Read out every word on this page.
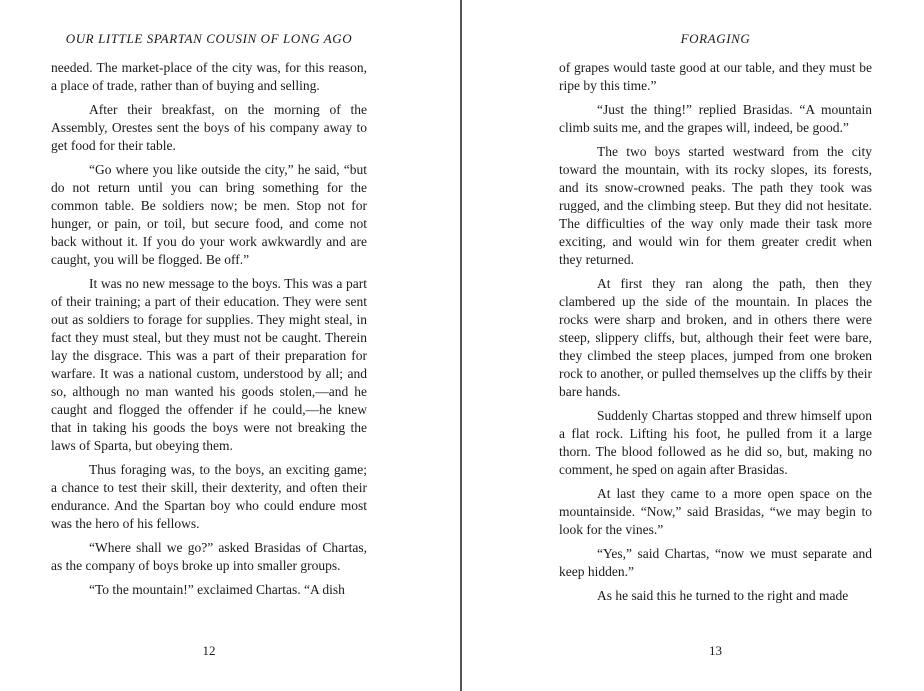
OUR LITTLE SPARTAN COUSIN OF LONG AGO

needed. The market-place of the city was, for this reason, a place of trade, rather than of buying and selling.

After their breakfast, on the morning of the Assembly, Orestes sent the boys of his company away to get food for their table.

“Go where you like outside the city,” he said, “but do not return until you can bring something for the common table. Be soldiers now; be men. Stop not for hunger, or pain, or toil, but secure food, and come not back without it. If you do your work awkwardly and are caught, you will be flogged. Be off.”

It was no new message to the boys. This was a part of their training; a part of their education. They were sent out as soldiers to forage for supplies. They might steal, in fact they must steal, but they must not be caught. Therein lay the disgrace. This was a part of their preparation for warfare. It was a national custom, understood by all; and so, although no man wanted his goods stolen,—and he caught and flogged the offender if he could,—he knew that in taking his goods the boys were not breaking the laws of Sparta, but obeying them.

Thus foraging was, to the boys, an exciting game; a chance to test their skill, their dexterity, and often their endurance. And the Spartan boy who could endure most was the hero of his fellows.

“Where shall we go?” asked Brasidas of Chartas, as the company of boys broke up into smaller groups.

“To the mountain!” exclaimed Chartas. “A dish

12
FORAGING

of grapes would taste good at our table, and they must be ripe by this time.”

“Just the thing!” replied Brasidas. “A mountain climb suits me, and the grapes will, indeed, be good.”

The two boys started westward from the city toward the mountain, with its rocky slopes, its forests, and its snow-crowned peaks. The path they took was rugged, and the climbing steep. But they did not hesitate. The difficulties of the way only made their task more exciting, and would win for them greater credit when they returned.

At first they ran along the path, then they clambered up the side of the mountain. In places the rocks were sharp and broken, and in others there were steep, slippery cliffs, but, although their feet were bare, they climbed the steep places, jumped from one broken rock to another, or pulled themselves up the cliffs by their bare hands.

Suddenly Chartas stopped and threw himself upon a flat rock. Lifting his foot, he pulled from it a large thorn. The blood followed as he did so, but, making no comment, he sped on again after Brasidas.

At last they came to a more open space on the mountainside. “Now,” said Brasidas, “we may begin to look for the vines.”

“Yes,” said Chartas, “now we must separate and keep hidden.”

As he said this he turned to the right and made

13
